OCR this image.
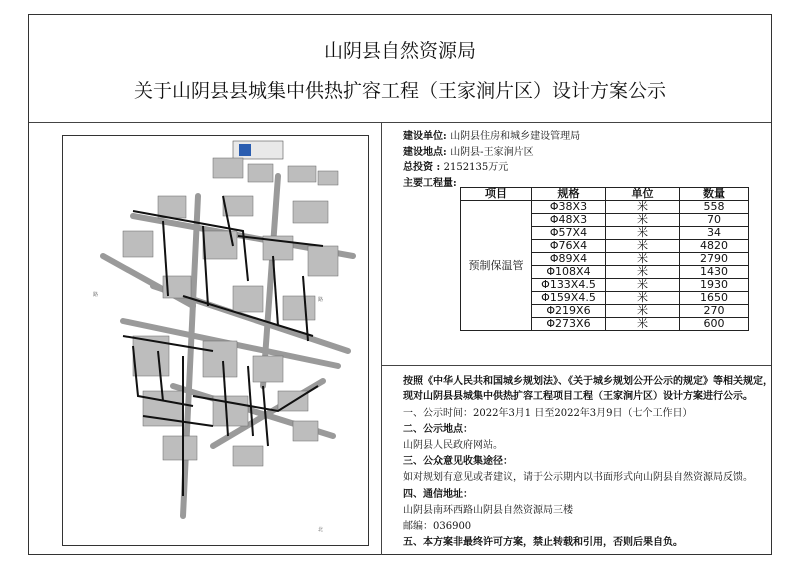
山阴县自然资源局
关于山阴县县城集中供热扩容工程（王家涧片区）设计方案公示
路
路
北
建设单位: 山阴县住房和城乡建设管理局
建设地点: 山阴县-王家涧片区
总投资 : 2152135万元
主要工程量:
项目	规格	单位	数量
预制保温管	Φ38X3	米	558
	Φ48X3	米	70
	Φ57X4	米	34
	Φ76X4	米	4820
	Φ89X4	米	2790
	Φ108X4	米	1430
	Φ133X4.5	米	1930
	Φ159X4.5	米	1650
	Φ219X6	米	270
	Φ273X6	米	600
按照《中华人民共和国城乡规划法》、《关于城乡规划公开公示的规定》等相关规定，
现对山阴县县城集中供热扩容工程项目工程（王家涧片区）设计方案进行公示。
一、公示时间：2022年3月1 日至2022年3月9日（七个工作日）
二、公示地点：
山阴县人民政府网站。
三、公众意见收集途径：
如对规划有意见或者建议，请于公示期内以书面形式向山阴县自然资源局反馈。
四、通信地址：
山阴县南环西路山阴县自然资源局三楼
邮编：036900
五、本方案非最终许可方案，禁止转载和引用，否则后果自负。
